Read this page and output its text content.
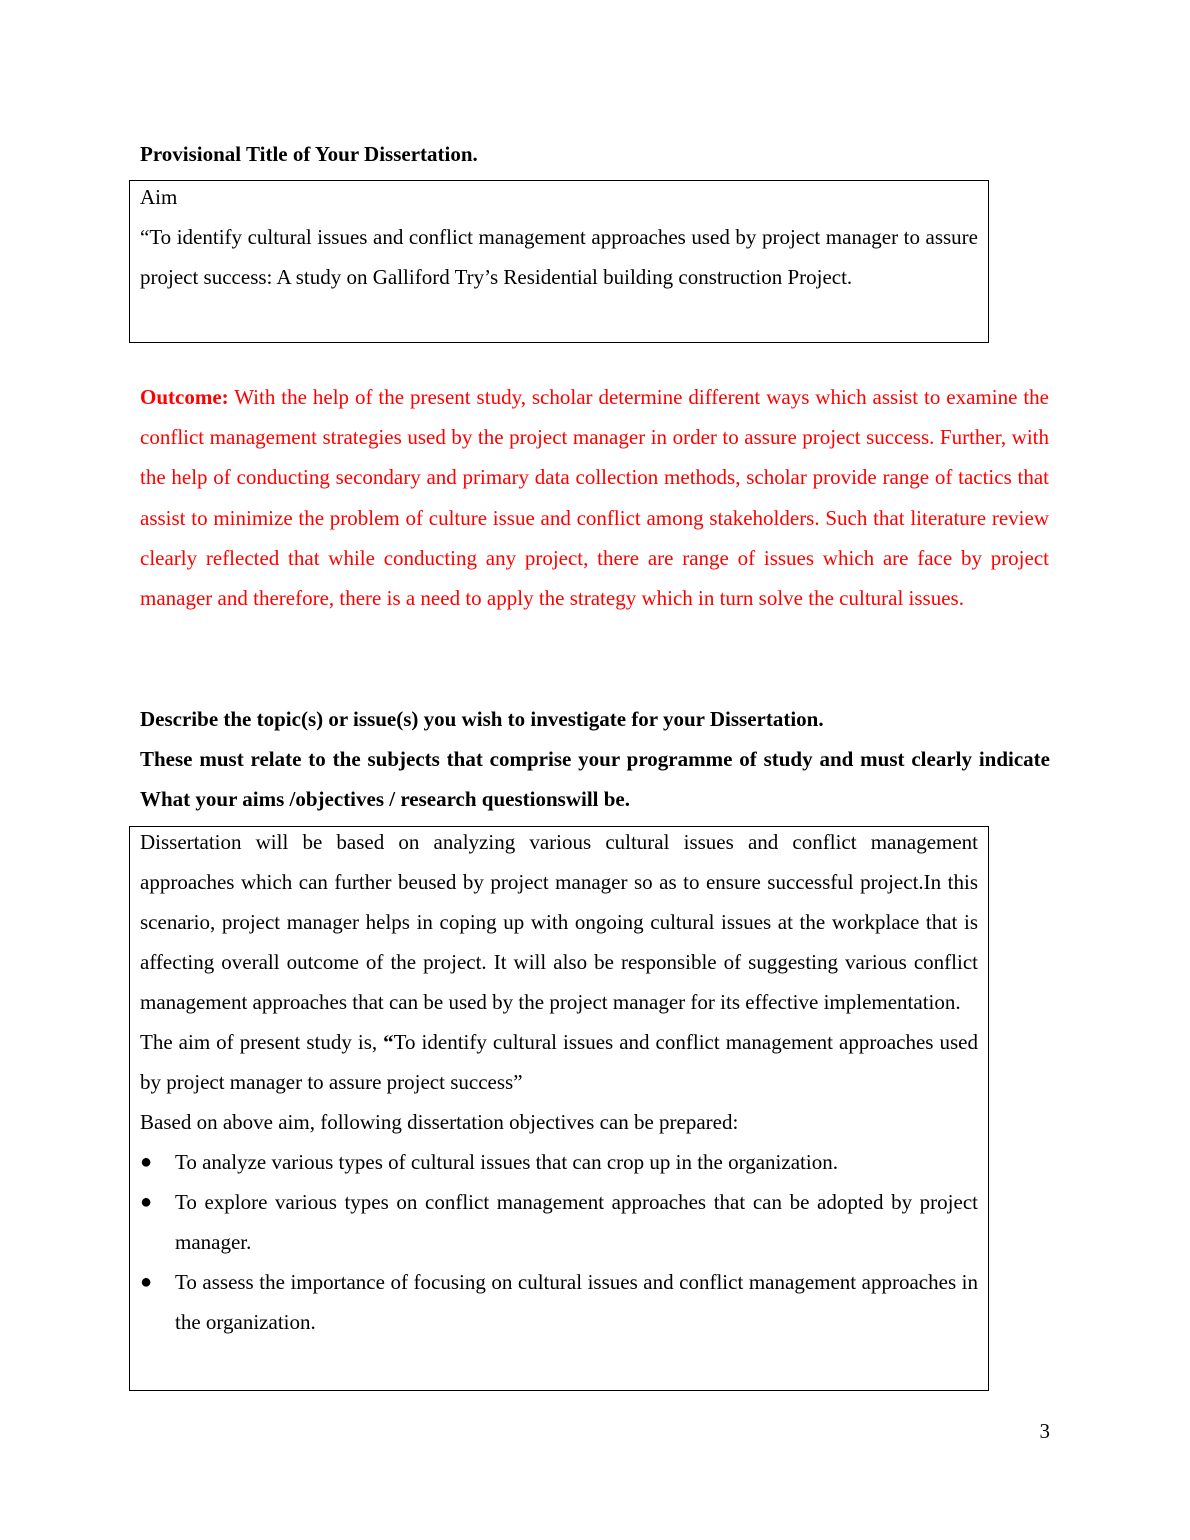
Provisional Title of Your Dissertation.

Aim

“To identify cultural issues and conflict management approaches used by project manager to assure project success: A study on Galliford Try’s Residential building construction Project.

Outcome: With the help of the present study, scholar determine different ways which assist to examine the conflict management strategies used by the project manager in order to assure project success. Further, with the help of conducting secondary and primary data collection methods, scholar provide range of tactics that assist to minimize the problem of culture issue and conflict among stakeholders. Such that literature review clearly reflected that while conducting any project, there are range of issues which are face by project manager and therefore, there is a need to apply the strategy which in turn solve the cultural issues.

Describe the topic(s) or issue(s) you wish to investigate for your Dissertation.

These must relate to the subjects that comprise your programme of study and must clearly indicate What your aims /objectives / research questionswill be.

Dissertation will be based on analyzing various cultural issues and conflict management approaches which can further beused by project manager so as to ensure successful project.In this scenario, project manager helps in coping up with ongoing cultural issues at the workplace that is affecting overall outcome of the project. It will also be responsible of suggesting various conflict management approaches that can be used by the project manager for its effective implementation.

The aim of present study is, “To identify cultural issues and conflict management approaches used by project manager to assure project success”

Based on above aim, following dissertation objectives can be prepared:

● To analyze various types of cultural issues that can crop up in the organization.
● To explore various types on conflict management approaches that can be adopted by project manager.
● To assess the importance of focusing on cultural issues and conflict management approaches in the organization.
3
